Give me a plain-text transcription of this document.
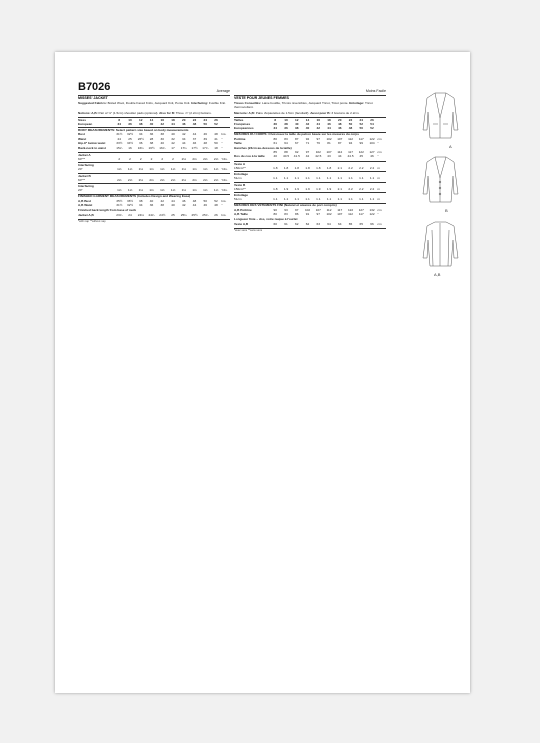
B7026	Average
MISSES' JACKET
Suggested Fabrics: Boiled Wool, Double Faced Knits, Jacquard Knit, Ponte Knit. Interfacing: Fusible Knit.
Notions: A,B: Pair of ⅝" (1.5cm) shoulder pads (optional). Also for B: Three ⅞" (2.2cm) buttons.
Sizes	8	10	12	14	16	18	20	22	24	26	
European	34	36	38	40	42	44	46	48	50	52	
BODY MEASUREMENTS: Select pattern size based on body measurements
Bust	31½	32½	34	36	38	40	42	44	46	48	Ins.
Waist	24	25	26½	28	30	32	34	37	39	41	"
Hip-9" below waist	33½	34½	36	38	40	42	44	46	48	50	"
Back-neck to waist	15¼	16	16¼	16½	16¾	17	17¼	17½	17¾	18	"
Jacket A
60"**	2	2	2	2	2	2	2⅛	2⅛	2⅛	2⅛	Yds.
Interfacing
20"	1⅛	1⅛	1⅛	1⅛	1⅛	1⅛	1⅛	1⅛	1⅛	1⅛	Yds.
Jacket B
60"**	2⅛	2⅛	2⅛	2⅛	2⅛	2⅛	2⅛	2⅛	2⅛	2⅛	Yds.
Interfacing
20"	1⅛	1⅛	1⅛	1⅛	1⅛	1⅛	1⅛	1⅛	1⅛	1⅛	Yds.
FINISHED GARMENT MEASUREMENTS (Includes Design and Wearing Ease)
A,B Bust	35½	36½	38	40	42	44	46	48	50	52	Ins.
A,B Waist	31½	32½	34	36	38	40	42	44	46	48	"
Finished back length from base of neck
Jacket A,B	23¾	24	24⅛	24¼	24½	25	25¼	25½	25¾	26	Ins.
*with nap **without nap
Moins Facile
VESTE POUR JEUNES FEMMES
Tissus Conseillés: Laine bouillie, Tricots réversibles, Jacquard Tricot, Tricot ponte. Entoilage: Tricot thermocollant.
Mercerie: A,B: Paire d'épaulettes de 1.5cm (facultatif). Aussi pour B: 3 boutons de 2.2cm.
Tailles	8	10	12	14	16	18	20	22	24	26	
Françaises	36	38	40	42	44	46	48	50	52	54	
Européennes	34	36	38	40	42	44	46	48	50	52	
MESURES DU CORPS: Choisissez la taille du patron basée sur les mesures du corps
Poitrine	80	83	87	92	97	102	107	112	117	122	cm
Taille	61	64	67	71	76	81	87	94	99	104	"
Hanches (23cm au-dessous de la taille)											
	85	88	92	97	102	107	112	117	122	127	cm
Dos du cou à la taille	40	40.5	41.5	42	42.5	43	44	44.5	45	46	"
Veste A
150cm**	1.8	1.8	1.8	1.8	1.8	1.8	2.1	2.2	2.2	2.2	m
Entoilage
51cm	1.1	1.1	1.1	1.1	1.1	1.1	1.1	1.1	1.1	1.1	m
Veste B
150cm**	1.8	1.9	1.9	1.9	1.9	1.9	2.1	2.2	2.2	2.2	m
Entoilage
51cm	1.1	1.1	1.1	1.1	1.1	1.1	1.1	1.1	1.1	1.1	m
MESURES DES VÊTEMENTS FINI (Naturel et aisance de port compris)
A,B Poitrine	90	93	97	102	107	112	117	122	127	132	cm
A,B Taille	80	83	86	91	97	102	107	112	117	122	"
Longueur finie – dos, votre nuque à l'ourlet
Veste A,B	60	61	62	62	63	64	64	65	65	66	cm
*avec sens **sans sens
A
B
A,B
